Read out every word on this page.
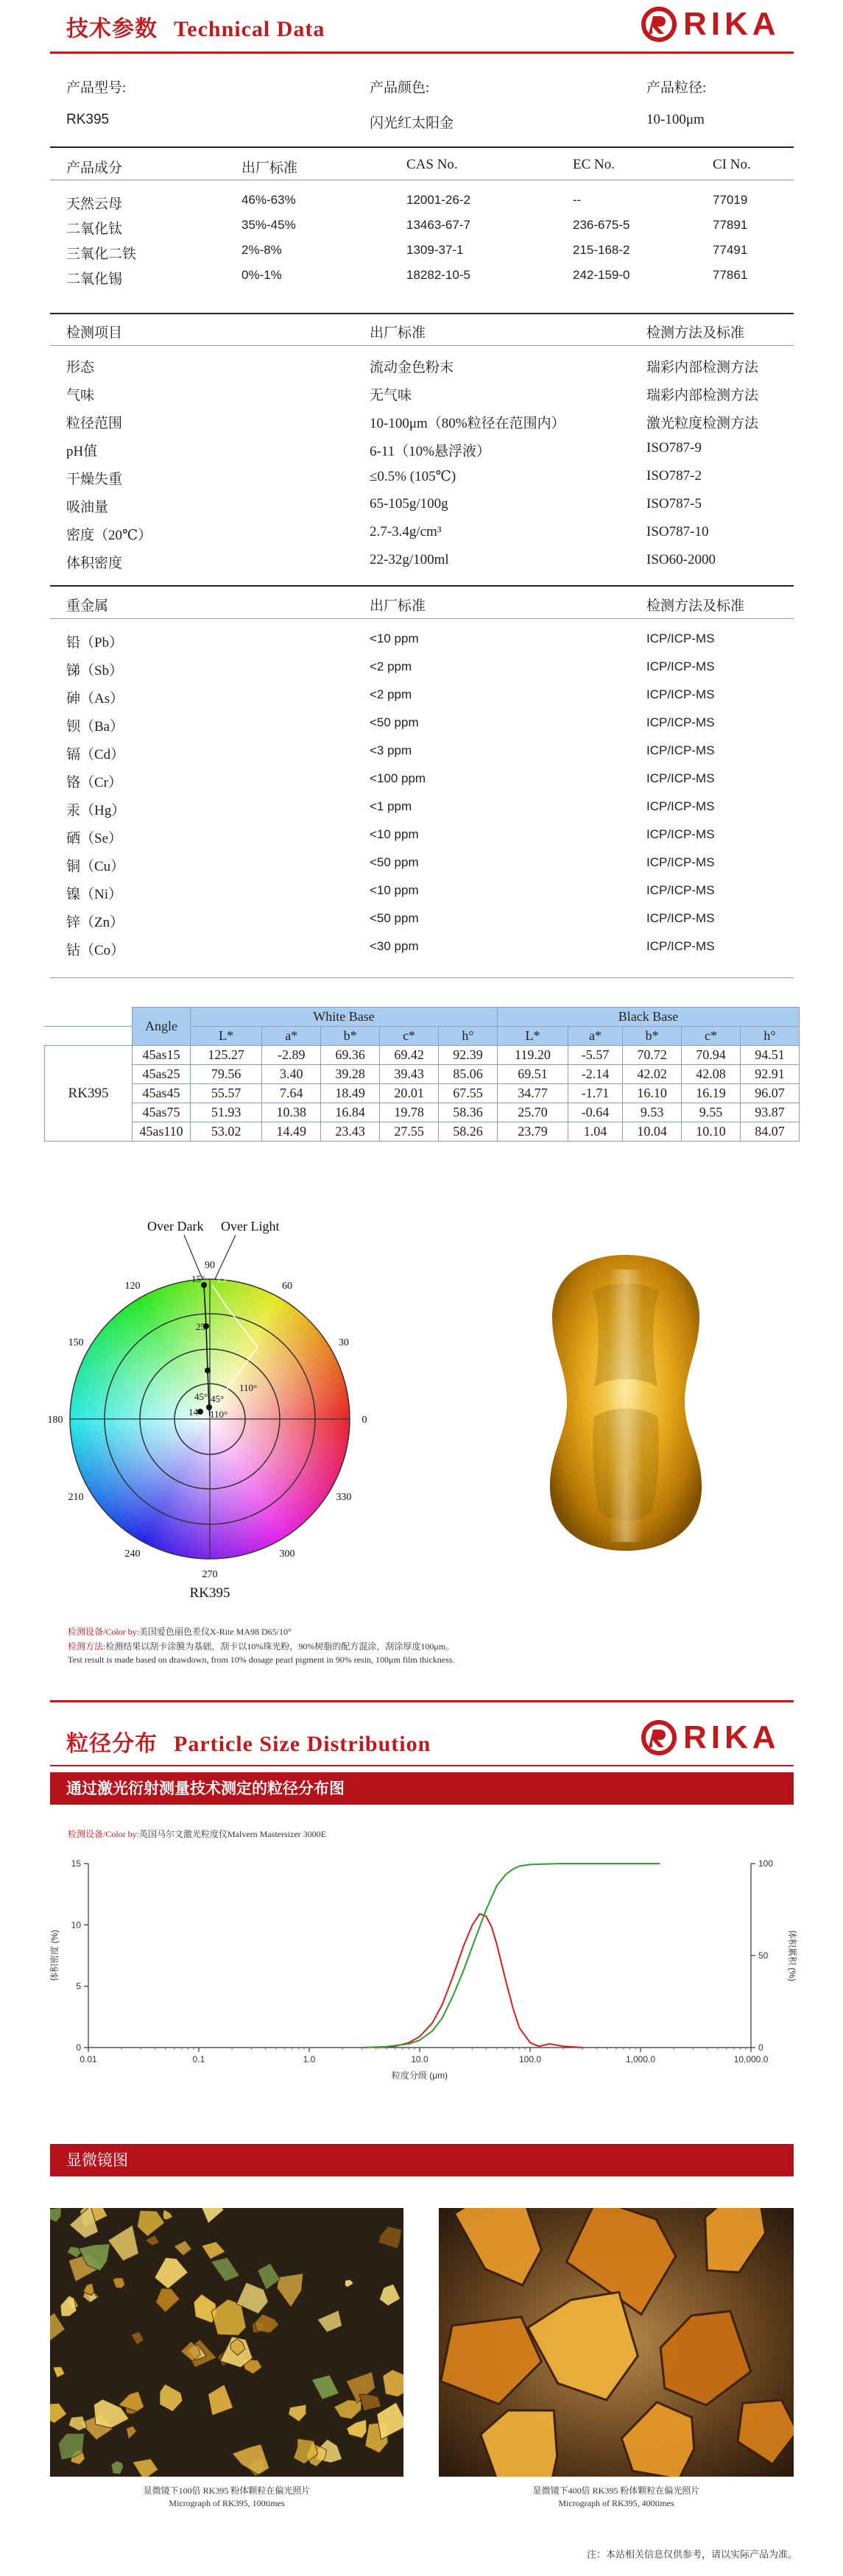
技术参数 Technical Data	RIKA
产品型号:	产品颜色:	产品粒径:
RK395	闪光红太阳金	10-100μm
产品成分	出厂标准	CAS No.	EC No.	CI No.
天然云母	46%-63%	12001-26-2	--	77019
二氧化钛	35%-45%	13463-67-7	236-675-5	77891
三氧化二铁	2%-8%	1309-37-1	215-168-2	77491
二氧化锡	0%-1%	18282-10-5	242-159-0	77861
检测项目	出厂标准	检测方法及标准
形态	流动金色粉末	瑞彩内部检测方法
气味	无气味	瑞彩内部检测方法
粒径范围	10-100μm（80%粒径在范围内）	激光粒度检测方法
pH值	6-11（10%悬浮液）	ISO787-9
干燥失重	≤0.5% (105℃)	ISO787-2
吸油量	65-105g/100g	ISO787-5
密度（20℃）	2.7-3.4g/cm³	ISO787-10
体积密度	22-32g/100ml	ISO60-2000
重金属	出厂标准	检测方法及标准
铅（Pb）	<10 ppm	ICP/ICP-MS
锑（Sb）	<2 ppm	ICP/ICP-MS
砷（As）	<2 ppm	ICP/ICP-MS
钡（Ba）	<50 ppm	ICP/ICP-MS
镉（Cd）	<3 ppm	ICP/ICP-MS
铬（Cr）	<100 ppm	ICP/ICP-MS
汞（Hg）	<1 ppm	ICP/ICP-MS
硒（Se）	<10 ppm	ICP/ICP-MS
铜（Cu）	<50 ppm	ICP/ICP-MS
镍（Ni）	<10 ppm	ICP/ICP-MS
锌（Zn）	<50 ppm	ICP/ICP-MS
钴（Co）	<30 ppm	ICP/ICP-MS
	Angle	White Base					Black Base				
		L*	a*	b*	c*	h°	L*	a*	b*	c*	h°
RK395	45as15	125.27	-2.89	69.36	69.42	92.39	119.20	-5.57	70.72	70.94	94.51
	45as25	79.56	3.40	39.28	39.43	85.06	69.51	-2.14	42.02	42.08	92.91
	45as45	55.57	7.64	18.49	20.01	67.55	34.77	-1.71	16.10	16.19	96.07
	45as75	51.93	10.38	16.84	19.78	58.36	25.70	-0.64	9.53	9.55	93.87
	45as110	53.02	14.49	23.43	27.55	58.26	23.79	1.04	10.04	10.10	84.07
90
60
30
0
330
300
270
240
210
180
150
120
15° 15°
25°
110°
45° 45°
14 110°
Over Dark Over Light
RK395
检测设备/Color by:美国爱色丽色差仪X-Rite MA98 D65/10°
检测方法:检测结果以刮卡涂膜为基础，刮卡以10%珠光粉，90%树脂的配方混涂，刮涂厚度100μm。
Test result is made based on drawdown, from 10% dosage pearl pigment in 90% resin, 100μm film thickness.
粒径分布 Particle Size Distribution	RIKA
通过激光衍射测量技术测定的粒径分布图
检测设备/Color by:英国马尔文激光粒度仪Malvern Mastersizer 3000E
0.01	0.1	1.0	10.0	100.0	1,000.0	10,000.0
0
5
10
15
0
50
100
粒度分级 (μm)
体积密度 (%)	体积累积 (%)
显微镜图
显微镜下100倍 RK395 粉体颗粒在偏光照片
Micrograph of RK395, 100times
显微镜下400倍 RK395 粉体颗粒在偏光照片
Micrograph of RK395, 400times
注：本站相关信息仅供参考，请以实际产品为准。
